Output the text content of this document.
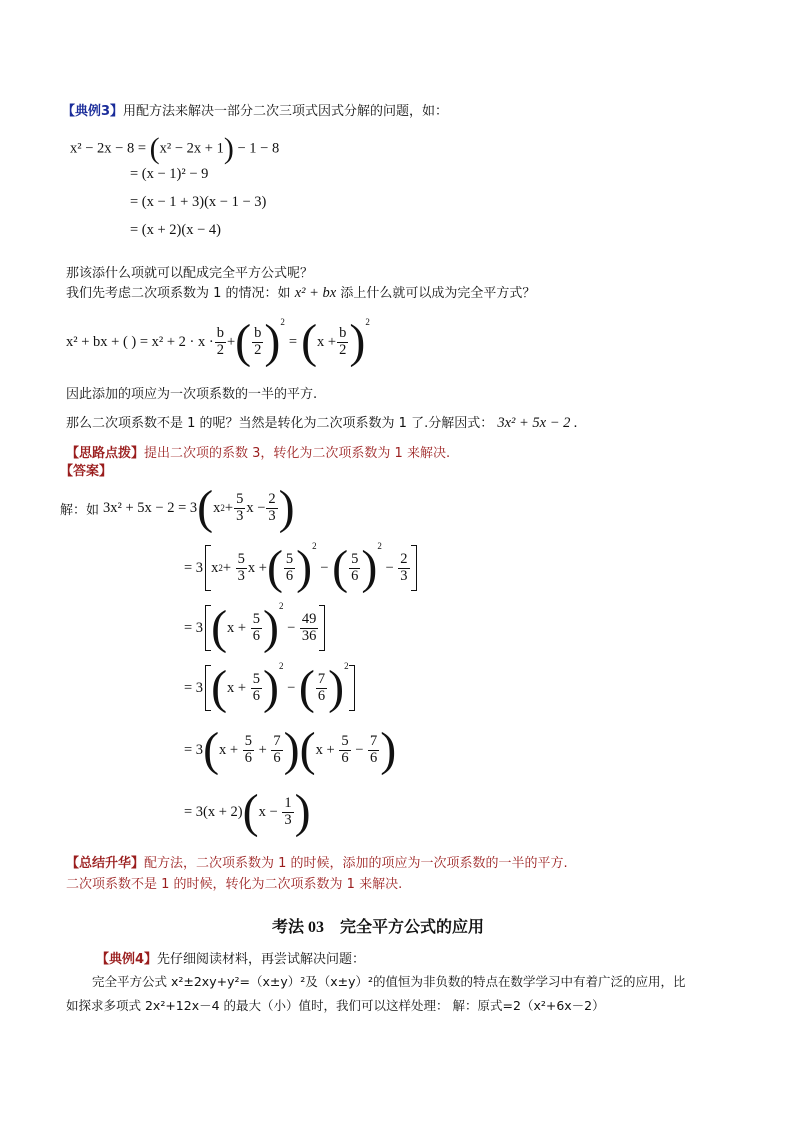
【典例3】用配方法来解决一部分二次三项式因式分解的问题，如：
x² − 2x − 8 = (x² − 2x + 1) − 1 − 8
= (x − 1)² − 9
= (x − 1 + 3)(x − 1 − 3)
= (x + 2)(x − 4)
那该添什么项就可以配成完全平方公式呢？
我们先考虑二次项系数为 1 的情况：如 x² + bx 添上什么就可以成为完全平方式？
x² + bx + ( ) = $x^2 + 2 \cdot x \cdot \frac{b}{2}$ + ( $\frac{b}{2}$ ) 2
= ( $x + \frac{b}{2}$ ) 2
因此添加的项应为一次项系数的一半的平方.
那么二次项系数不是 1 的呢？当然是转化为二次项系数为 1 了.分解因式： 3x² + 5x − 2 .
【思路点拨】提出二次项的系数 3，转化为二次项系数为 1 来解决.
【答案】
解：如 3x² + 5x − 2 = 3 ( x $2 + \frac{5}{3}$ $x - \frac{2}{3}$ )
= 3 x $2 + \frac{5}{3}$ x + ( $\frac{5}{6}$ ) 2
− ( $\frac{5}{6}$ ) 2
− $\frac{2}{3}$
= 3 ( $x + \frac{5}{6}$ ) 2
− $\frac{49}{36}$
= 3 ( $x + \frac{5}{6}$ ) 2
− ( $\frac{7}{6}$ ) 2
= 3 ( $x + \frac{5}{6} + \frac{7}{6}$ ) ( $x + \frac{5}{6} - \frac{7}{6}$ )
= 3(x + 2) ( $x - \frac{1}{3}$ )
【总结升华】配方法，二次项系数为 1 的时候，添加的项应为一次项系数的一半的平方.
二次项系数不是 1 的时候，转化为二次项系数为 1 来解决.
考法 03　完全平方公式的应用
【典例4】先仔细阅读材料，再尝试解决问题：
完全平方公式 x²±2xy+y²=（x±y）²及（x±y）²的值恒为非负数的特点在数学学习中有着广泛的应用，比
如探求多项式 2x²+12x－4 的最大（小）值时，我们可以这样处理： 解：原式=2（x²+6x－2）
